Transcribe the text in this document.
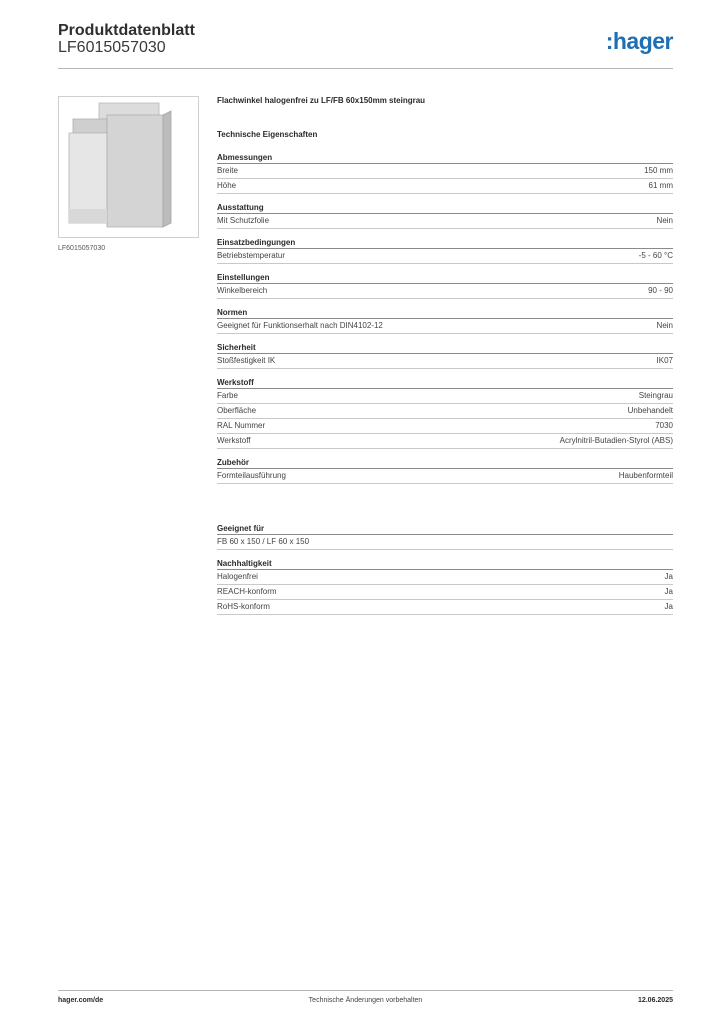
Produktdatenblatt
LF6015057030	:hager
LF6015057030
Flachwinkel halogenfrei zu LF/FB 60x150mm steingrau
Technische Eigenschaften
Abmessungen
Breite	150 mm
Höhe	61 mm
Ausstattung
Mit Schutzfolie	Nein
Einsatzbedingungen
Betriebstemperatur	-5 - 60 °C
Einstellungen
Winkelbereich	90 - 90
Normen
Geeignet für Funktionserhalt nach DIN4102-12	Nein
Sicherheit
Stoßfestigkeit IK	IK07
Werkstoff
Farbe	Steingrau
Oberfläche	Unbehandelt
RAL Nummer	7030
Werkstoff	Acrylnitril-Butadien-Styrol (ABS)
Zubehör
Formteilausführung	Haubenformteil
Geeignet für
FB 60 x 150 / LF 60 x 150
Nachhaltigkeit
Halogenfrei	Ja
REACH-konform	Ja
RoHS-konform	Ja
hager.com/de	Technische Änderungen vorbehalten	12.06.2025
